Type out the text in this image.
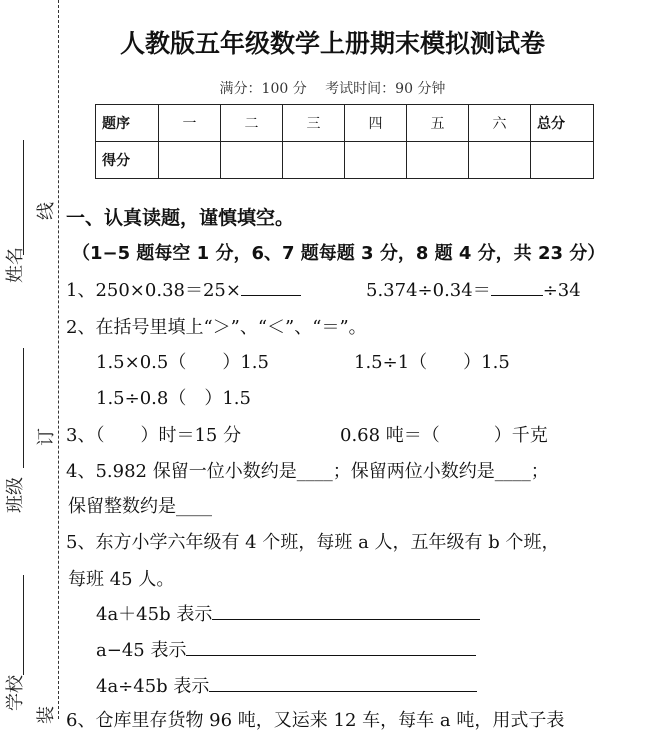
姓名
班级
学校
线
订
装
人教版五年级数学上册期末模拟测试卷
满分：100 分　 考试时间：90 分钟
题序	一	二	三	四	五	六	总分
得分							
一、认真读题，谨慎填空。
（1−5 题每空 1 分，6、7 题每题 3 分，8 题 4 分，共 23 分）
1、250×0.38＝25×	5.374÷0.34＝	÷34
2、在括号里填上“＞”、“＜”、“＝”。
1.5×0.5（　　）1.5	1.5÷1（　　）1.5
1.5÷0.8（　）1.5
3、（　　）时＝15 分	0.68 吨＝（　　　）千克
4、5.982 保留一位小数约是____；保留两位小数约是____；
保留整数约是____
5、东方小学六年级有 4 个班，每班 a 人，五年级有 b 个班，
每班 45 人。
4a＋45b 表示
a−45 表示
4a÷45b 表示
6、仓库里存货物 96 吨，又运来 12 车，每车 a 吨，用式子表
